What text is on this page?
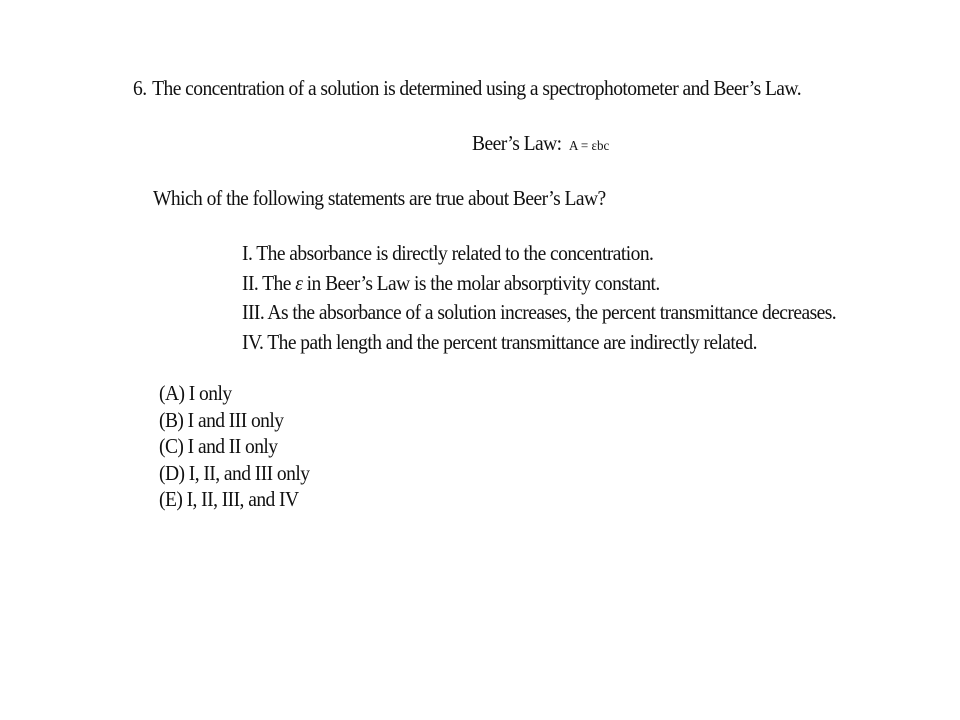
6. The concentration of a solution is determined using a spectrophotometer and Beer’s Law.
Beer’s Law: A = εbc
Which of the following statements are true about Beer’s Law?
I. The absorbance is directly related to the concentration.
II. The ε in Beer’s Law is the molar absorptivity constant.
III. As the absorbance of a solution increases, the percent transmittance decreases.
IV. The path length and the percent transmittance are indirectly related.
(A) I only
(B) I and III only
(C) I and II only
(D) I, II, and III only
(E) I, II, III, and IV
